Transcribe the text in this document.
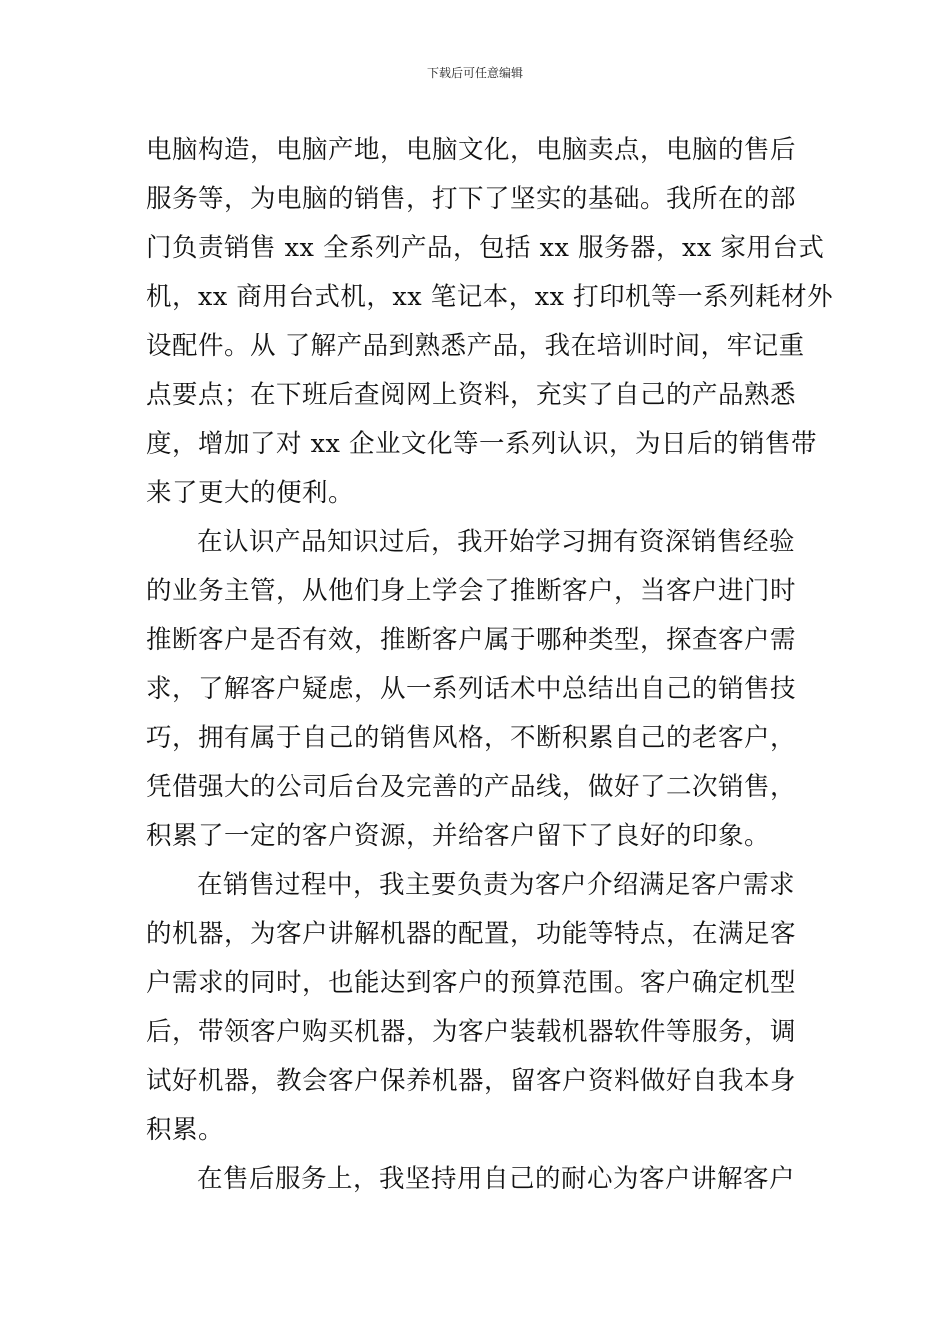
下载后可任意编辑
电脑构造，电脑产地，电脑文化，电脑卖点，电脑的售后
服务等，为电脑的销售，打下了坚实的基础。我所在的部
门负责销售 xx 全系列产品，包括 xx 服务器，xx 家用台式
机，xx 商用台式机，xx 笔记本，xx 打印机等一系列耗材外
设配件。从 了解产品到熟悉产品，我在培训时间，牢记重
点要点；在下班后查阅网上资料，充实了自己的产品熟悉
度，增加了对 xx 企业文化等一系列认识，为日后的销售带
来了更大的便利。
在认识产品知识过后，我开始学习拥有资深销售经验
的业务主管，从他们身上学会了推断客户，当客户进门时
推断客户是否有效，推断客户属于哪种类型，探查客户需
求，了解客户疑虑，从一系列话术中总结出自己的销售技
巧，拥有属于自己的销售风格，不断积累自己的老客户，
凭借强大的公司后台及完善的产品线，做好了二次销售，
积累了一定的客户资源，并给客户留下了良好的印象。
在销售过程中，我主要负责为客户介绍满足客户需求
的机器，为客户讲解机器的配置，功能等特点，在满足客
户需求的同时，也能达到客户的预算范围。客户确定机型
后，带领客户购买机器，为客户装载机器软件等服务，调
试好机器，教会客户保养机器，留客户资料做好自我本身
积累。
在售后服务上，我坚持用自己的耐心为客户讲解客户
